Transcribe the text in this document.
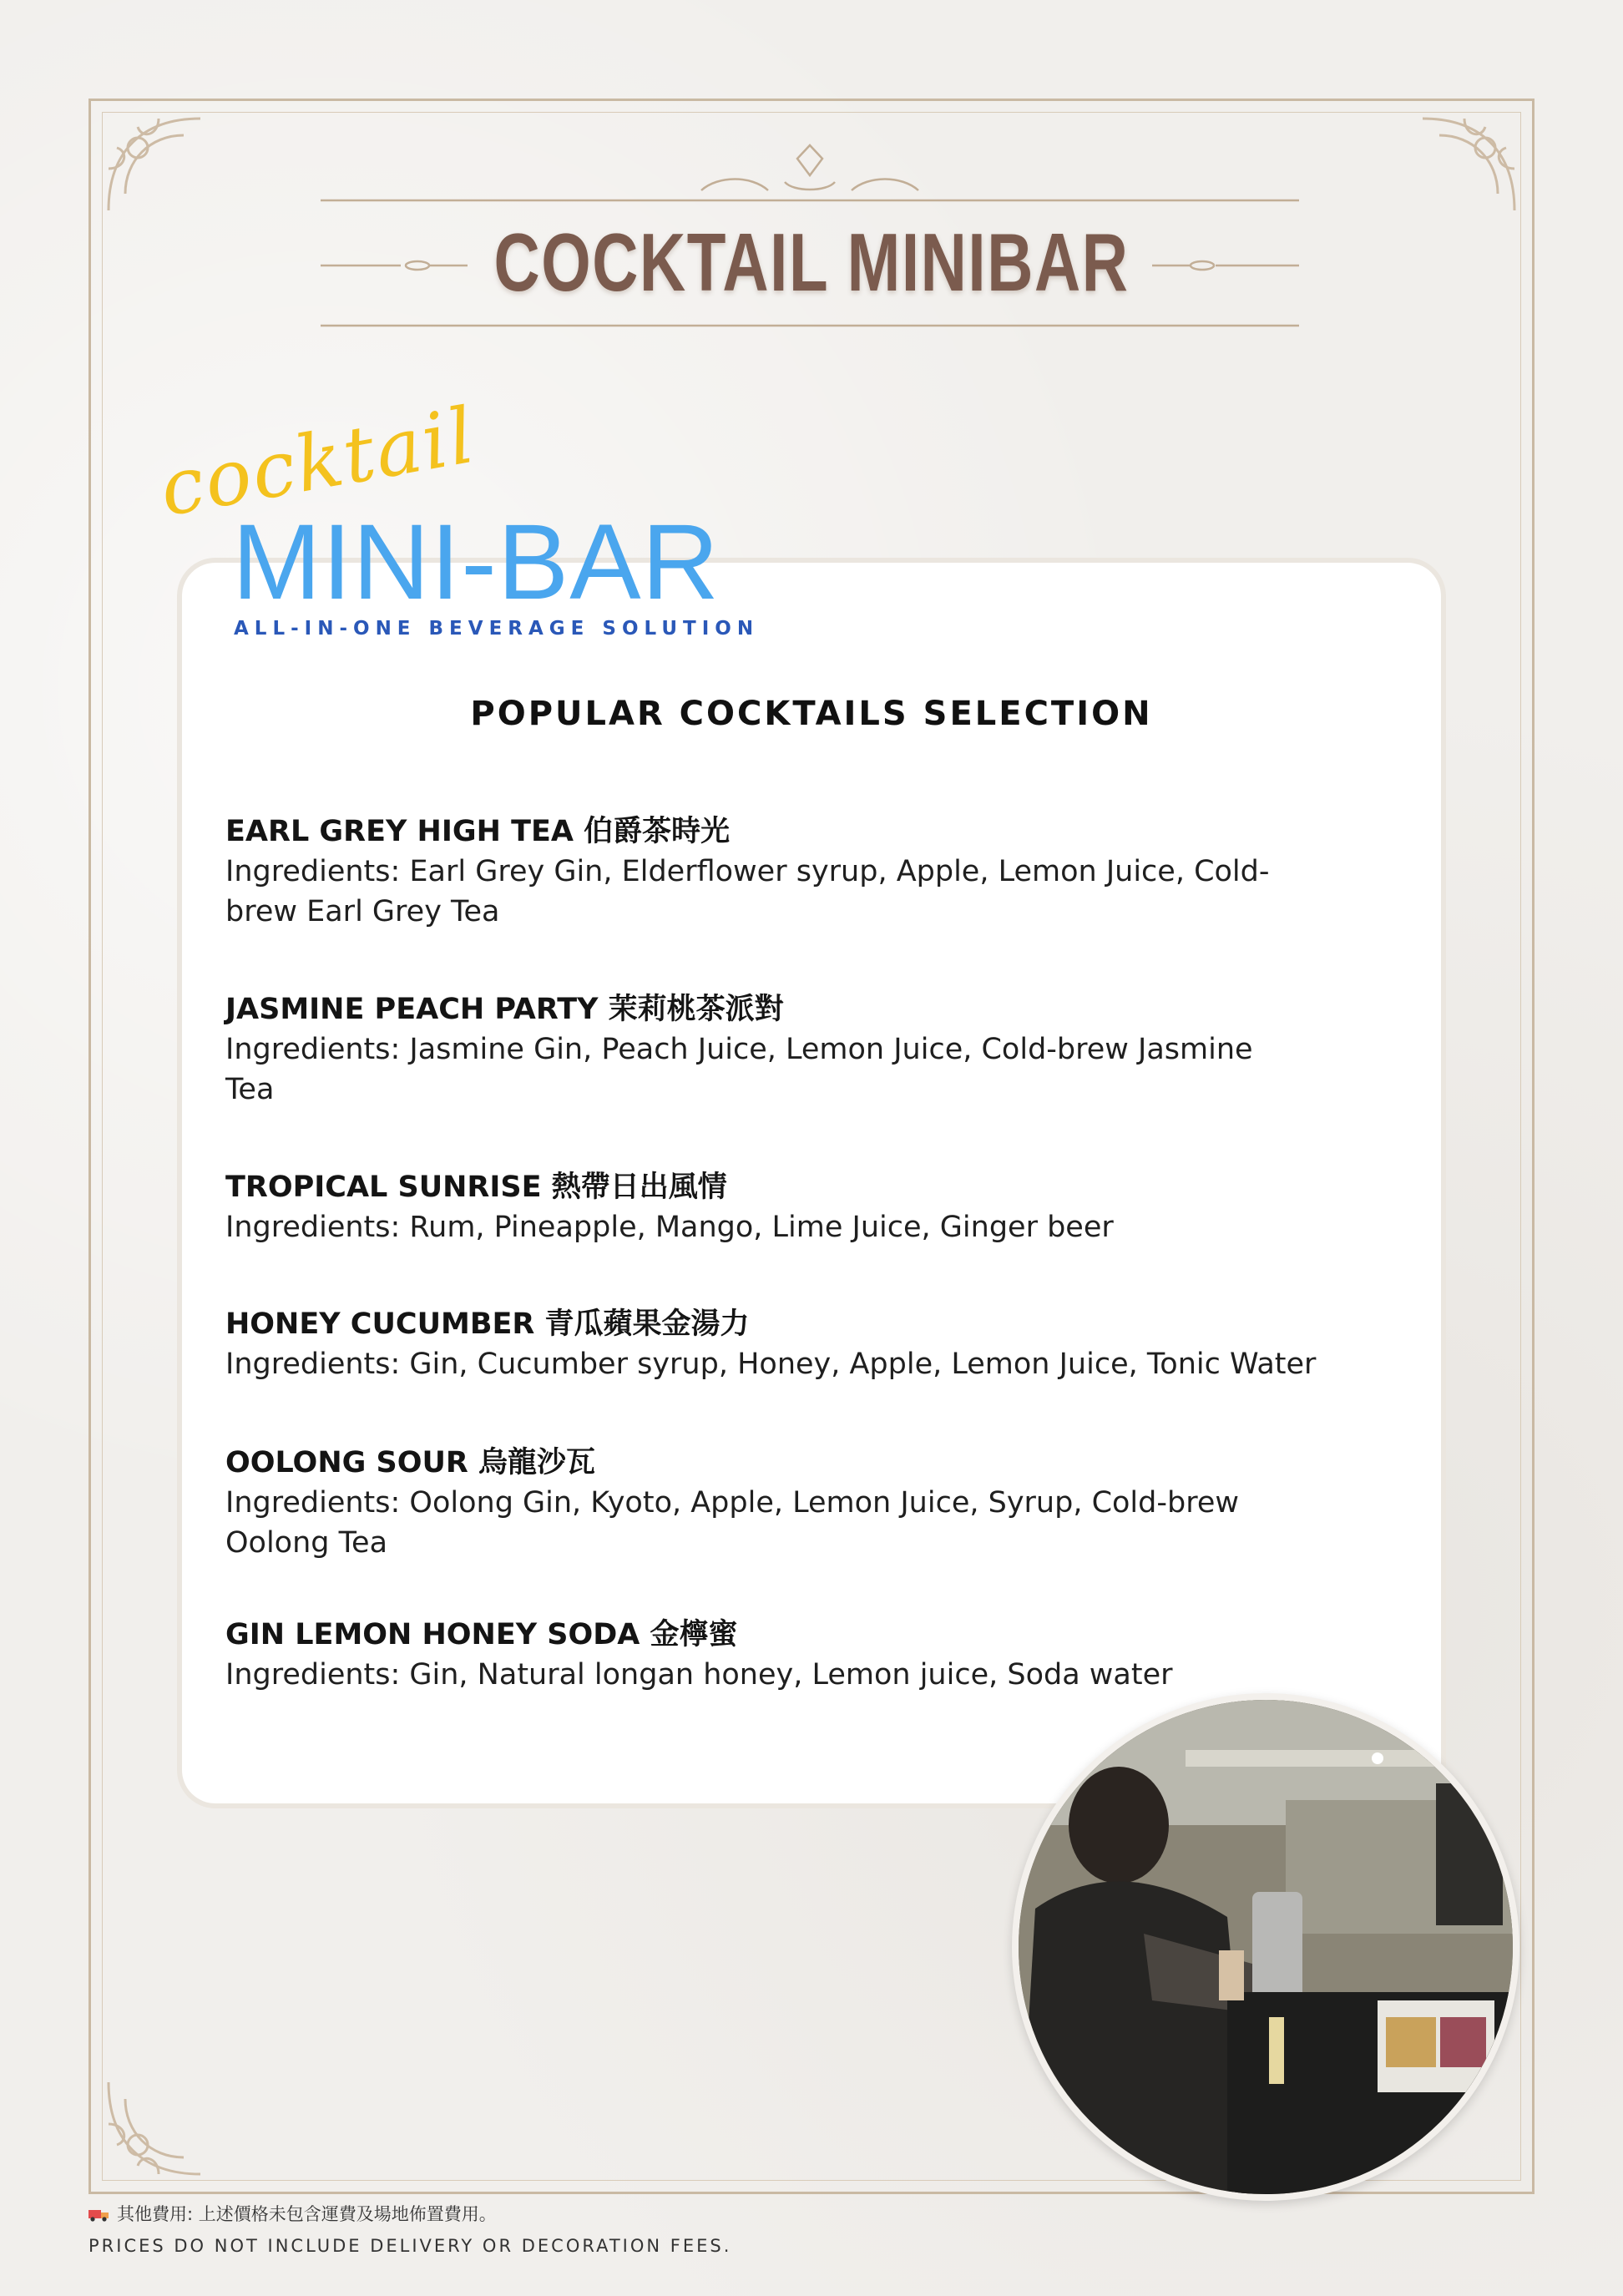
COCKTAIL MINIBAR
cocktail
MINI-BAR
ALL-IN-ONE BEVERAGE SOLUTION
POPULAR COCKTAILS SELECTION

EARL GREY HIGH TEA 伯爵茶時光

Ingredients: Earl Grey Gin, Elderflower syrup, Apple, Lemon Juice, Cold-

brew Earl Grey Tea

JASMINE PEACH PARTY 茉莉桃茶派對

Ingredients: Jasmine Gin, Peach Juice, Lemon Juice, Cold-brew Jasmine

Tea

TROPICAL SUNRISE 熱帶日出風情

Ingredients: Rum, Pineapple, Mango, Lime Juice, Ginger beer

HONEY CUCUMBER 青瓜蘋果金湯力

Ingredients: Gin, Cucumber syrup, Honey, Apple, Lemon Juice, Tonic Water

OOLONG SOUR 烏龍沙瓦

Ingredients: Oolong Gin, Kyoto, Apple, Lemon Juice, Syrup, Cold-brew

Oolong Tea

GIN LEMON HONEY SODA 金檸蜜

Ingredients: Gin, Natural longan honey, Lemon juice, Soda water

其他費用: 上述價格未包含運費及場地佈置費用。
PRICES DO NOT INCLUDE DELIVERY OR DECORATION FEES.
